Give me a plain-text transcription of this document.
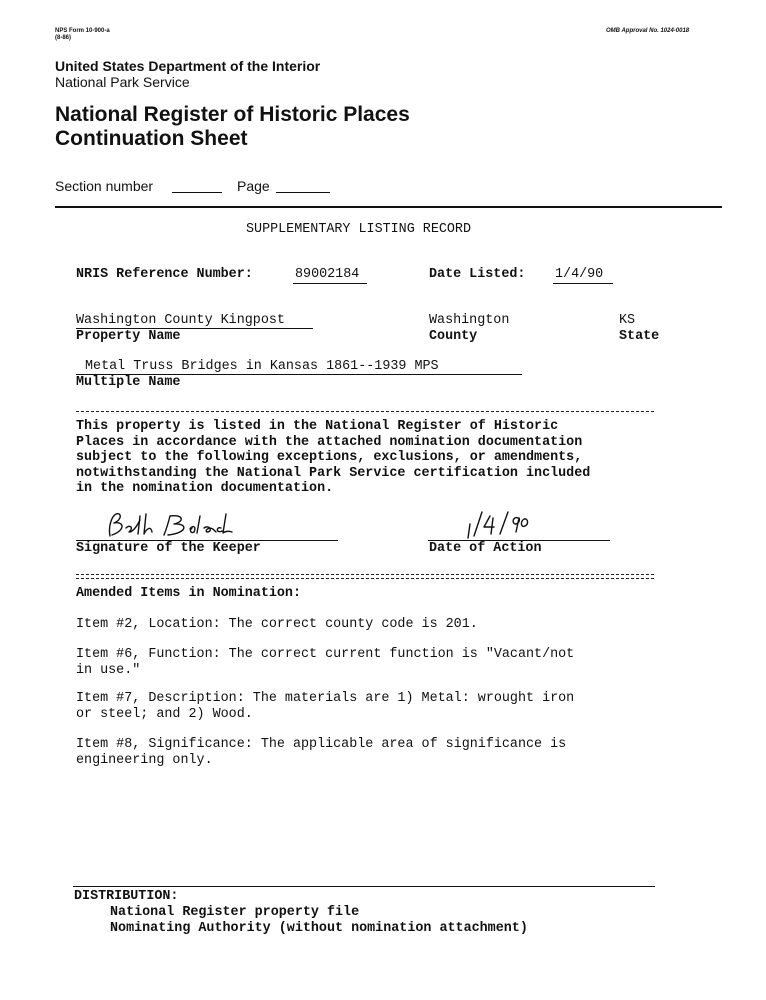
NPS Form 10-900-a
(8-86)
OMB Approval No. 1024-0018
United States Department of the Interior
National Park Service
National Register of Historic Places
Continuation Sheet
Section number	Page
SUPPLEMENTARY LISTING RECORD
NRIS Reference Number:	89002184	Date Listed: 1/4/90
Washington County Kingpost
Property Name
Washington
County
KS
State
Metal Truss Bridges in Kansas 1861--1939 MPS
Multiple Name
This property is listed in the National Register of Historic
Places in accordance with the attached nomination documentation
subject to the following exceptions, exclusions, or amendments,
notwithstanding the National Park Service certification included
in the nomination documentation.
Signature of the Keeper	Date of Action
Amended Items in Nomination:
Item #2, Location: The correct county code is 201.
Item #6, Function: The correct current function is "Vacant/not
in use."
Item #7, Description: The materials are 1) Metal: wrought iron
or steel; and 2) Wood.
Item #8, Significance: The applicable area of significance is
engineering only.
DISTRIBUTION:
National Register property file
Nominating Authority (without nomination attachment)
